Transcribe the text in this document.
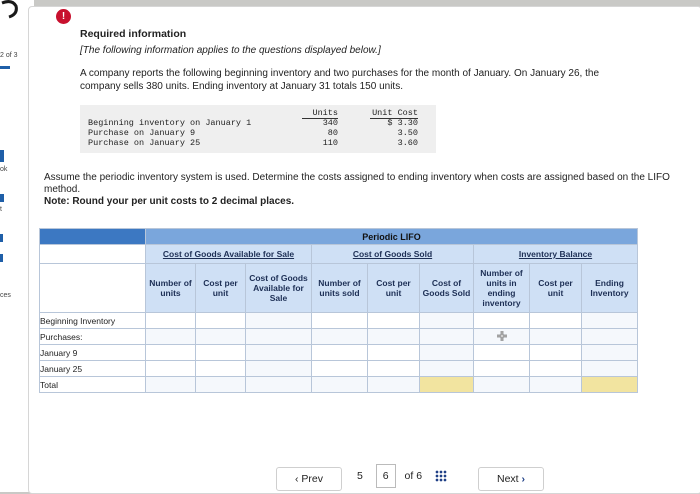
2 of 3
ok
t
ces
!
Required information
[The following information applies to the questions displayed below.]
A company reports the following beginning inventory and two purchases for the month of January. On January 26, the company sells 380 units. Ending inventory at January 31 totals 150 units.
Units	Unit Cost
Beginning inventory on January 1	340	$ 3.30
Purchase on January 9	80	3.50
Purchase on January 25	110	3.60
Assume the periodic inventory system is used. Determine the costs assigned to ending inventory when costs are assigned based on the LIFO method.
Note: Round your per unit costs to 2 decimal places.
	Periodic LIFO								
	Cost of Goods Available for Sale			Cost of Goods Sold			Inventory Balance		
	Number of units	Cost per unit	Cost of Goods Available for Sale	Number of units sold	Cost per unit	Cost of Goods Sold	Number of units in ending inventory	Cost per unit	Ending Inventory
Beginning Inventory									
Purchases:									
January 9									
January 25									
Total									
‹ Prev	5 6 of 6	Next ›
